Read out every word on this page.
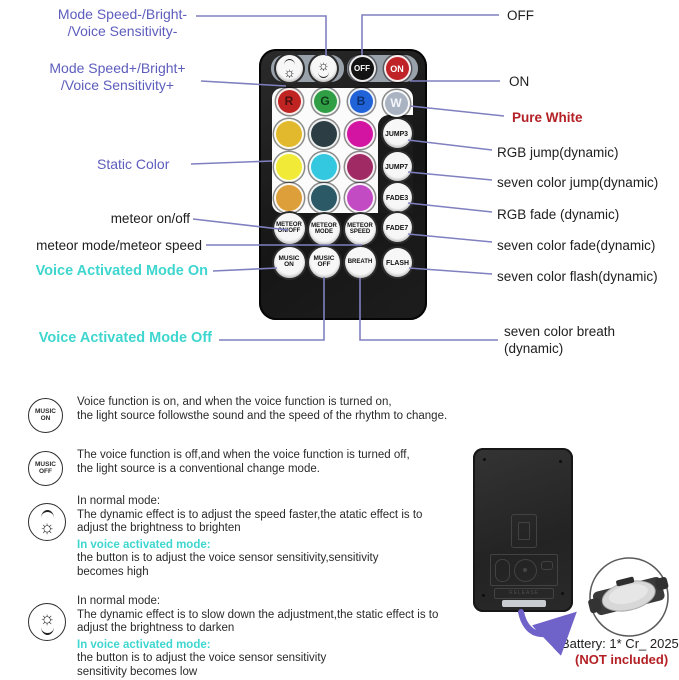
Mode Speed-/Bright-
/Voice Sensitivity-
Mode Speed+/Bright+
/Voice Sensitivity+
Static Color
meteor on/off
meteor mode/meteor speed
Voice Activated Mode On
Voice Activated Mode Off
OFF
ON
Pure White
RGB jump(dynamic)
seven color jump(dynamic)
RGB fade (dynamic)
seven color fade(dynamic)
seven color flash(dynamic)
seven color breath
(dynamic)
☼ ☼	OFF	ON
R	G	B	W
JUMP3
JUMP7
FADE3
FADE7
FLASH
METEOR
ON/OFF
METEOR
MODE
METEOR
SPEED
MUSIC
ON
MUSIC
OFF	BREATH
MUSIC
ON
Voice function is on, and when the voice function is turned on,
the light source followsthe sound and the speed of the rhythm to change.
MUSIC
OFF
The voice function is off,and when the voice function is turned off,
the light source is a conventional change mode.
☼
In normal mode:
The dynamic effect is to adjust the speed faster,the atatic effect is to
adjust the brightness to brighten
In voice activated mode:
the button is to adjust the voice sensor sensitivity,sensitivity
becomes high
☼
In normal mode:
The dynamic effect is to slow down the adjustment,the static effect is to
adjust the brightness to darken
In voice activated mode:
the button is to adjust the voice sensor sensitivity
sensitivity becomes low
RELEASE
Battery: 1* Cr_ 2025
(NOT included)
